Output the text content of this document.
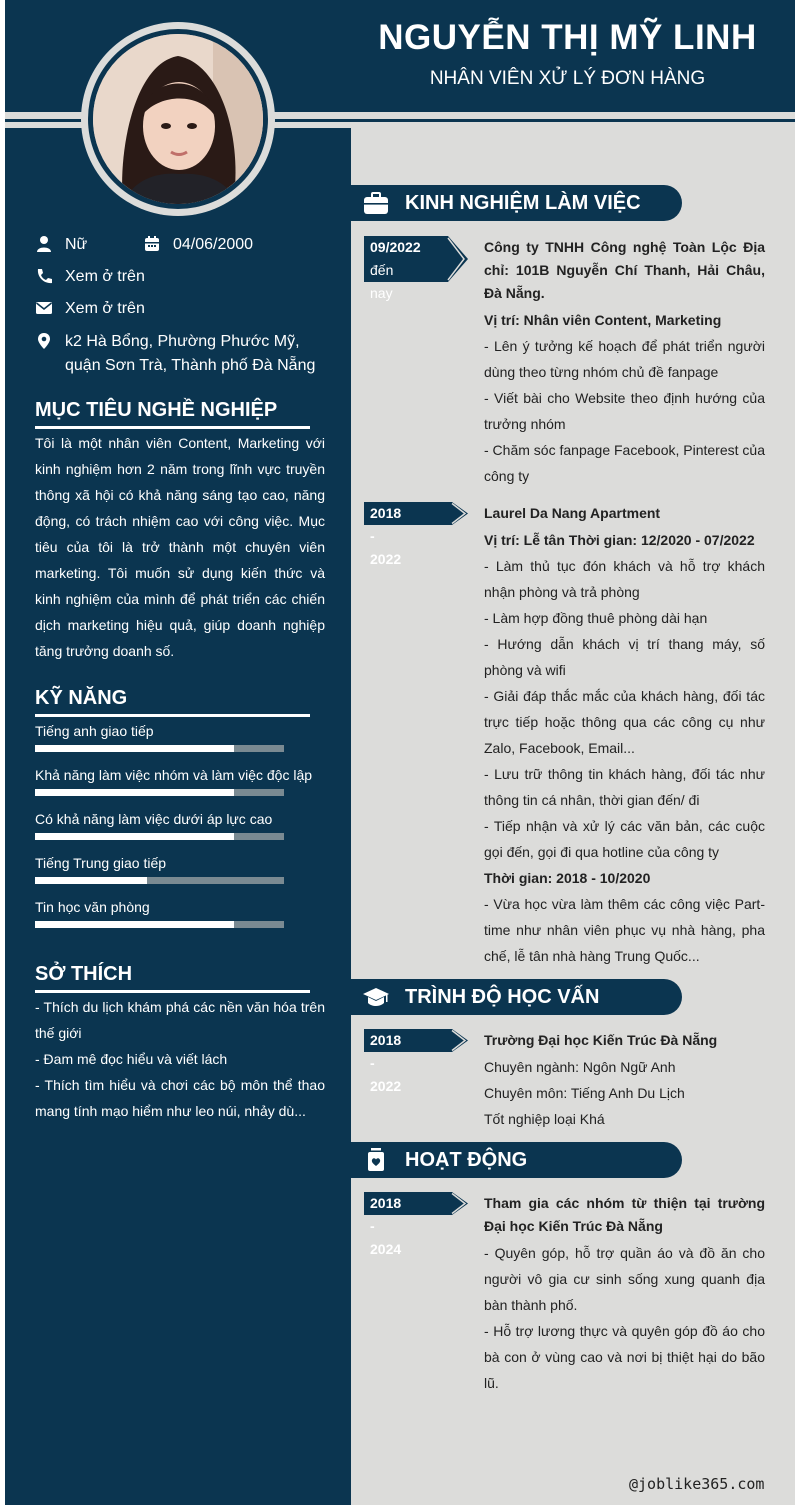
NGUYỄN THỊ MỸ LINH
NHÂN VIÊN XỬ LÝ ĐƠN HÀNG
Nữ	04/06/2000
Xem ở trên
Xem ở trên
k2 Hà Bổng, Phường Phước Mỹ, quận Sơn Trà, Thành phố Đà Nẵng
MỤC TIÊU NGHỀ NGHIỆP
Tôi là một nhân viên Content, Marketing với kinh nghiệm hơn 2 năm trong lĩnh vực truyền thông xã hội có khả năng sáng tạo cao, năng động, có trách nhiệm cao với công việc. Mục tiêu của tôi là trở thành một chuyên viên marketing. Tôi muốn sử dụng kiến thức và kinh nghiệm của mình để phát triển các chiến dịch marketing hiệu quả, giúp doanh nghiệp tăng trưởng doanh số.
KỸ NĂNG
Tiếng anh giao tiếp
Khả năng làm việc nhóm và làm việc độc lập
Có khả năng làm việc dưới áp lực cao
Tiếng Trung giao tiếp
Tin học văn phòng
SỞ THÍCH
- Thích du lịch khám phá các nền văn hóa trên thế giới
- Đam mê đọc hiểu và viết lách
- Thích tìm hiểu và chơi các bộ môn thể thao mang tính mạo hiểm như leo núi, nhảy dù...
KINH NGHIỆM LÀM VIỆC
09/2022
đến nay
Công ty TNHH Công nghệ Toàn Lộc Địa chỉ: 101B Nguyễn Chí Thanh, Hải Châu, Đà Nẵng.
Vị trí: Nhân viên Content, Marketing
- Lên ý tưởng kế hoạch để phát triển người dùng theo từng nhóm chủ đề fanpage
- Viết bài cho Website theo định hướng của trưởng nhóm
- Chăm sóc fanpage Facebook, Pinterest của công ty
2018 - 2022
Laurel Da Nang Apartment
Vị trí: Lễ tân Thời gian: 12/2020 - 07/2022
- Làm thủ tục đón khách và hỗ trợ khách nhận phòng và trả phòng
- Làm hợp đồng thuê phòng dài hạn
- Hướng dẫn khách vị trí thang máy, số phòng và wifi
- Giải đáp thắc mắc của khách hàng, đối tác trực tiếp hoặc thông qua các công cụ như Zalo, Facebook, Email...
- Lưu trữ thông tin khách hàng, đối tác như thông tin cá nhân, thời gian đến/ đi
- Tiếp nhận và xử lý các văn bản, các cuộc gọi đến, gọi đi qua hotline của công ty
Thời gian: 2018 - 10/2020
- Vừa học vừa làm thêm các công việc Part-time như nhân viên phục vụ nhà hàng, pha chế, lễ tân nhà hàng Trung Quốc...
TRÌNH ĐỘ HỌC VẤN
2018 - 2022
Trường Đại học Kiến Trúc Đà Nẵng
Chuyên ngành: Ngôn Ngữ Anh
Chuyên môn: Tiếng Anh Du Lịch
Tốt nghiệp loại Khá
HOẠT ĐỘNG
2018 - 2024
Tham gia các nhóm từ thiện tại trường Đại học Kiến Trúc Đà Nẵng
- Quyên góp, hỗ trợ quần áo và đồ ăn cho người vô gia cư sinh sống xung quanh địa bàn thành phố.
- Hỗ trợ lương thực và quyên góp đồ áo cho bà con ở vùng cao và nơi bị thiệt hại do bão lũ.
@joblike365.com
